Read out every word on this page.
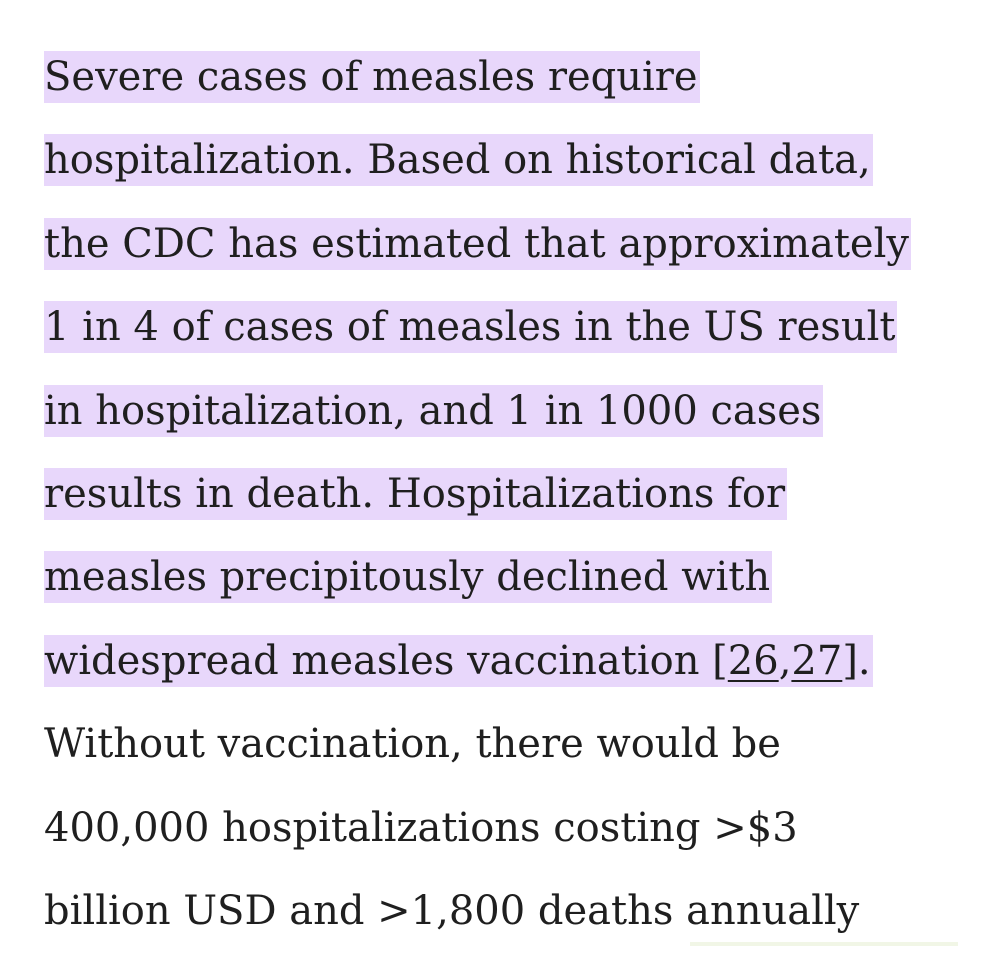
Severe cases of measles require
hospitalization. Based on historical data,
the CDC has estimated that approximately
1 in 4 of cases of measles in the US result
in hospitalization, and 1 in 1000 cases
results in death. Hospitalizations for
measles precipitously declined with
widespread measles vaccination [26,27].
Without vaccination, there would be
400,000 hospitalizations costing >$3
billion USD and >1,800 deaths annually
